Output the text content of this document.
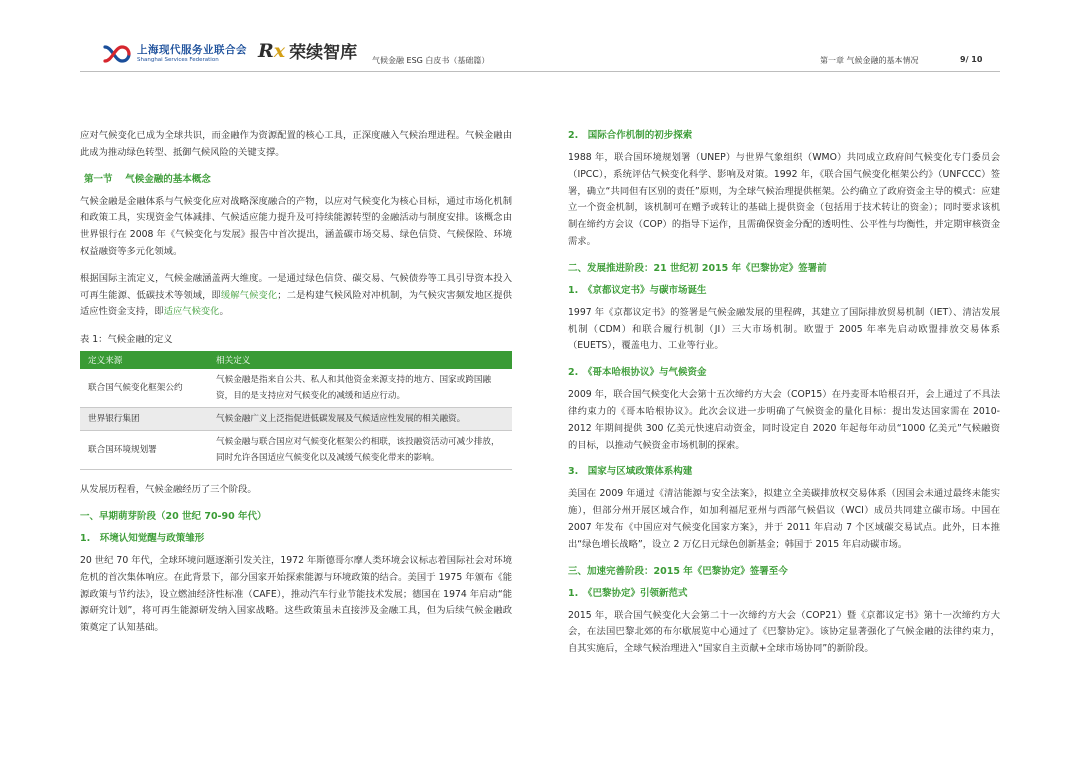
上海现代服务业联合会
Shanghai Services Federation	Rx 荣续智库 气候金融 ESG 白皮书（基础篇）	第一章 气候金融的基本情况	9/ 10

应对气候变化已成为全球共识，而金融作为资源配置的核心工具，正深度融入气候治理进程。气候金融由此成为推动绿色转型、抵御气候风险的关键支撑。

第一节　 气候金融的基本概念

气候金融是金融体系与气候变化应对战略深度融合的产物，以应对气候变化为核心目标，通过市场化机制和政策工具，实现资金气体减排、气候适应能力提升及可持续能源转型的金融活动与制度安排。该概念由世界银行在 2008 年《气候变化与发展》报告中首次提出，涵盖碳市场交易、绿色信贷、气候保险、环境权益融资等多元化领域。

根据国际主流定义，气候金融涵盖两大维度。一是通过绿色信贷、碳交易、气候债券等工具引导资本投入可再生能源、低碳技术等领域，即缓解气候变化；二是构建气候风险对冲机制，为气候灾害频发地区提供适应性资金支持，即适应气候变化。

表 1：气候金融的定义
定义来源	相关定义
联合国气候变化框架公约	气候金融是指来自公共、私人和其他资金来源支持的地方、国家或跨国融资，目的是支持应对气候变化的减缓和适应行动。
世界银行集团	气候金融广义上泛指促进低碳发展及气候适应性发展的相关融资。
联合国环境规划署	气候金融与联合国应对气候变化框架公约相联，该投融资活动可减少排放，同时允许各国适应气候变化以及减缓气候变化带来的影响。

从发展历程看，气候金融经历了三个阶段。

一、早期萌芽阶段（20 世纪 70-90 年代）
1.　环境认知觉醒与政策雏形

20 世纪 70 年代，全球环境问题逐渐引发关注，1972 年斯德哥尔摩人类环境会议标志着国际社会对环境危机的首次集体响应。在此背景下，部分国家开始探索能源与环境政策的结合。美国于 1975 年颁布《能源政策与节约法》，设立燃油经济性标准（CAFE），推动汽车行业节能技术发展；德国在 1974 年启动“能源研究计划”，将可再生能源研发纳入国家战略。这些政策虽未直接涉及金融工具，但为后续气候金融政策奠定了认知基础。

2.　国际合作机制的初步探索

1988 年，联合国环境规划署（UNEP）与世界气象组织（WMO）共同成立政府间气候变化专门委员会（IPCC），系统评估气候变化科学、影响及对策。1992 年，《联合国气候变化框架公约》（UNFCCC）签署，确立“共同但有区别的责任”原则，为全球气候治理提供框架。公约确立了政府资金主导的模式：应建立一个资金机制，该机制可在赠予或转让的基础上提供资金（包括用于技术转让的资金）；同时要求该机制在缔约方会议（COP）的指导下运作，且需确保资金分配的透明性、公平性与均衡性，并定期审核资金需求。

二、发展推进阶段：21 世纪初 2015 年《巴黎协定》签署前
1.　《京都议定书》与碳市场诞生

1997 年《京都议定书》的签署是气候金融发展的里程碑，其建立了国际排放贸易机制（IET）、清洁发展机制（CDM）和联合履行机制（JI）三大市场机制。欧盟于 2005 年率先启动欧盟排放交易体系（EUETS），覆盖电力、工业等行业。

2.　《哥本哈根协议》与气候资金

2009 年，联合国气候变化大会第十五次缔约方大会（COP15）在丹麦哥本哈根召开，会上通过了不具法律约束力的《哥本哈根协议》。此次会议进一步明确了气候资金的量化目标：提出发达国家需在 2010-2012 年期间提供 300 亿美元快速启动资金，同时设定自 2020 年起每年动员“1000 亿美元”气候融资的目标，以推动气候资金市场机制的探索。

3.　国家与区域政策体系构建

美国在 2009 年通过《清洁能源与安全法案》，拟建立全美碳排放权交易体系（因国会未通过最终未能实施），但部分州开展区域合作，如加利福尼亚州与西部气候倡议（WCI）成员共同建立碳市场。中国在 2007 年发布《中国应对气候变化国家方案》，并于 2011 年启动 7 个区域碳交易试点。此外，日本推出“绿色增长战略”，设立 2 万亿日元绿色创新基金；韩国于 2015 年启动碳市场。

三、加速完善阶段：2015 年《巴黎协定》签署至今
1.　《巴黎协定》引领新范式

2015 年，联合国气候变化大会第二十一次缔约方大会（COP21）暨《京都议定书》第十一次缔约方大会，在法国巴黎北郊的布尔歇展览中心通过了《巴黎协定》。该协定显著强化了气候金融的法律约束力，自其实施后，全球气候治理进入“国家自主贡献+全球市场协同”的新阶段。
